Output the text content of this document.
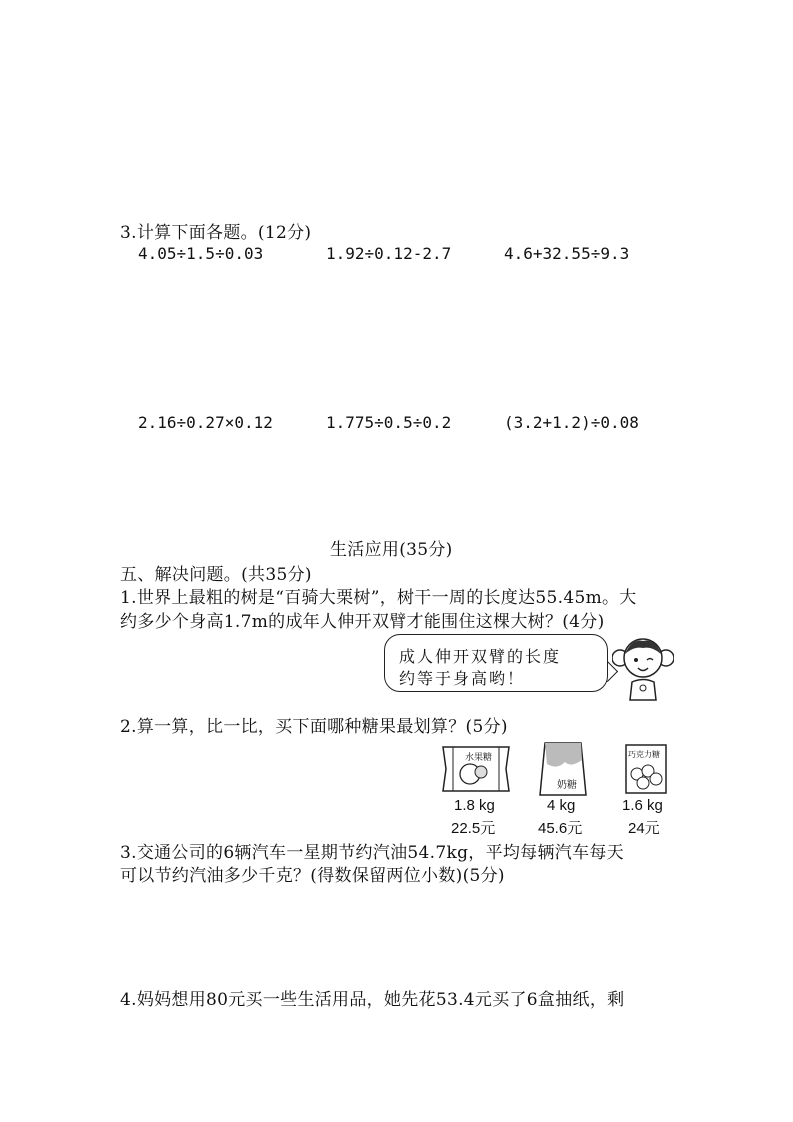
3.计算下面各题。(12分)
4.05÷1.5÷0.03	1.92÷0.12-2.7	4.6+32.55÷9.3
2.16÷0.27×0.12	1.775÷0.5÷0.2	(3.2+1.2)÷0.08
生活应用(35分)
五、解决问题。(共35分)
1.世界上最粗的树是“百骑大栗树”，树干一周的长度达55.45m。大
约多少个身高1.7m的成年人伸开双臂才能围住这棵大树？(4分)
成人伸开双臂的长度
约等于身高哟！
2.算一算，比一比，买下面哪种糖果最划算？(5分)
水果糖
奶糖
巧克力糖
1.8 kg
22.5元
4 kg
45.6元
1.6 kg
24元
3.交通公司的6辆汽车一星期节约汽油54.7kg，平均每辆汽车每天
可以节约汽油多少千克？(得数保留两位小数)(5分)
4.妈妈想用80元买一些生活用品，她先花53.4元买了6盒抽纸，剩
